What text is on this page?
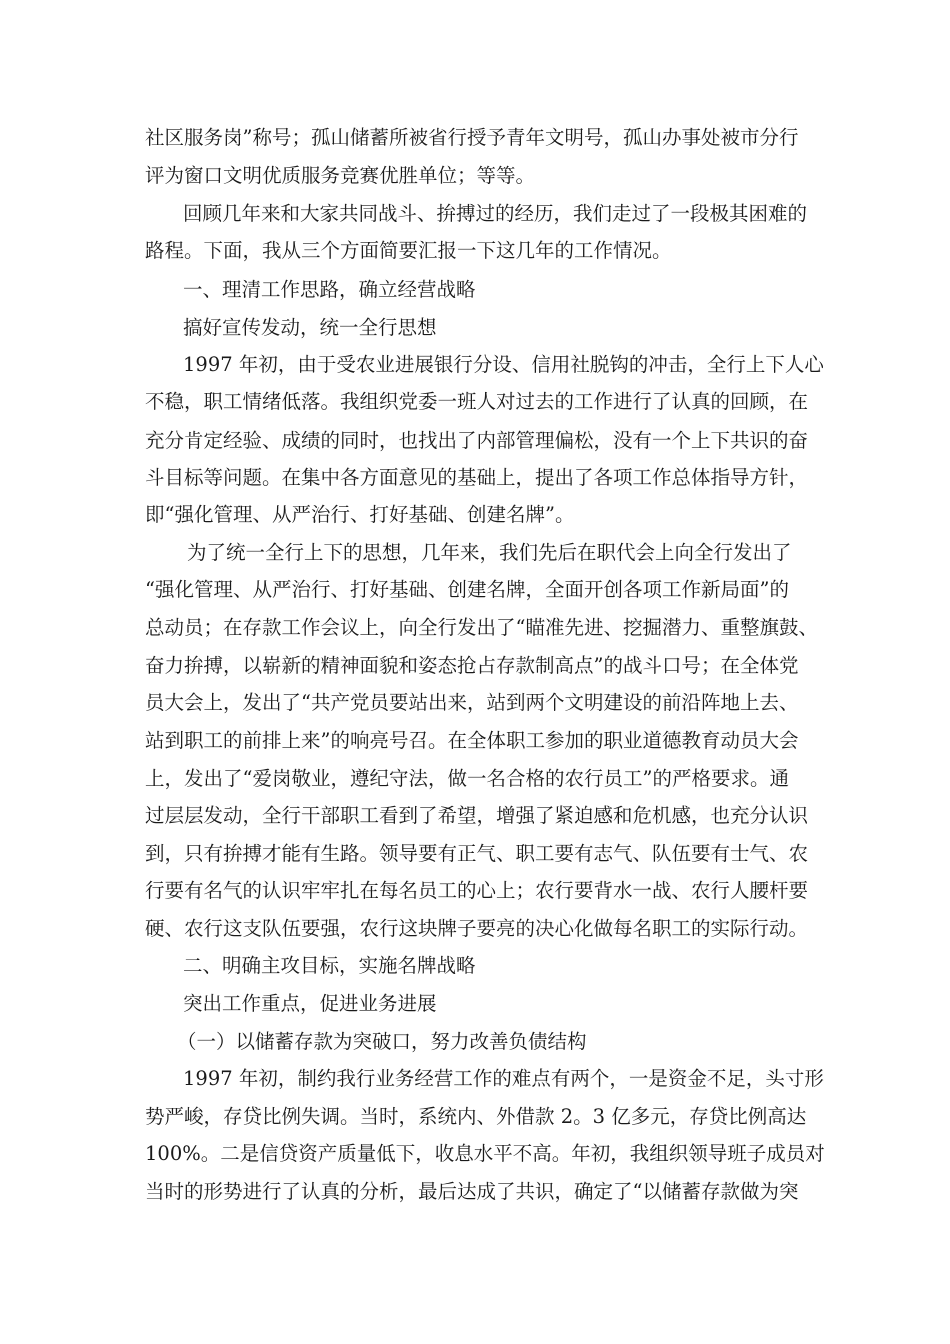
社区服务岗”称号；孤山储蓄所被省行授予青年文明号，孤山办事处被市分行
评为窗口文明优质服务竞赛优胜单位；等等。
回顾几年来和大家共同战斗、拚搏过的经历，我们走过了一段极其困难的
路程。下面，我从三个方面简要汇报一下这几年的工作情况。
一、理清工作思路，确立经营战略
搞好宣传发动，统一全行思想
1997 年初，由于受农业进展银行分设、信用社脱钩的冲击，全行上下人心
不稳，职工情绪低落。我组织党委一班人对过去的工作进行了认真的回顾，在
充分肯定经验、成绩的同时，也找出了内部管理偏松，没有一个上下共识的奋
斗目标等问题。在集中各方面意见的基础上，提出了各项工作总体指导方针，
即“强化管理、从严治行、打好基础、创建名牌”。
为了统一全行上下的思想，几年来，我们先后在职代会上向全行发出了
“强化管理、从严治行、打好基础、创建名牌，全面开创各项工作新局面”的
总动员；在存款工作会议上，向全行发出了“瞄准先进、挖掘潜力、重整旗鼓、
奋力拚搏，以崭新的精神面貌和姿态抢占存款制高点”的战斗口号；在全体党
员大会上，发出了“共产党员要站出来，站到两个文明建设的前沿阵地上去、
站到职工的前排上来”的响亮号召。在全体职工参加的职业道德教育动员大会
上，发出了“爱岗敬业，遵纪守法，做一名合格的农行员工”的严格要求。通
过层层发动，全行干部职工看到了希望，增强了紧迫感和危机感，也充分认识
到，只有拚搏才能有生路。领导要有正气、职工要有志气、队伍要有士气、农
行要有名气的认识牢牢扎在每名员工的心上；农行要背水一战、农行人腰杆要
硬、农行这支队伍要强，农行这块牌子要亮的决心化做每名职工的实际行动。
二、明确主攻目标，实施名牌战略
突出工作重点，促进业务进展
（一）以储蓄存款为突破口，努力改善负债结构
1997 年初，制约我行业务经营工作的难点有两个，一是资金不足，头寸形
势严峻，存贷比例失调。当时，系统内、外借款 2。3 亿多元，存贷比例高达
100%。二是信贷资产质量低下，收息水平不高。年初，我组织领导班子成员对
当时的形势进行了认真的分析，最后达成了共识，确定了“以储蓄存款做为突
